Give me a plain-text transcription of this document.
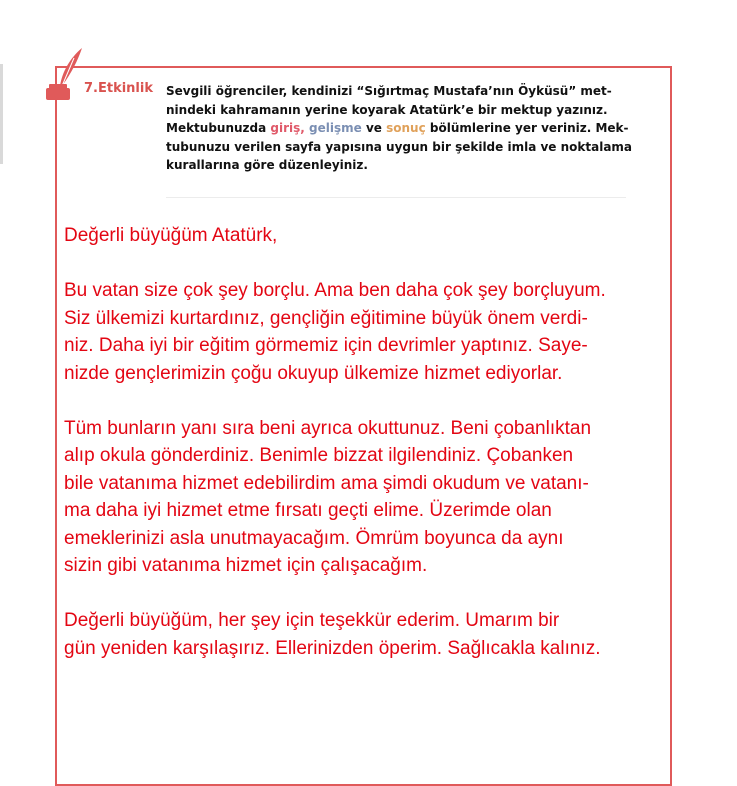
7.Etkinlik	Sevgili öğrenciler, kendinizi “Sığırtmaç Mustafa’nın Öyküsü” met-
nindeki kahramanın yerine koyarak Atatürk’e bir mektup yazınız.
Mektubunuzda giriş, gelişme ve sonuç bölümlerine yer veriniz. Mek-
tubunuzu verilen sayfa yapısına uygun bir şekilde imla ve noktalama
kurallarına göre düzenleyiniz.
Değerli büyüğüm Atatürk,
Bu vatan size çok şey borçlu. Ama ben daha çok şey borçluyum.
Siz ülkemizi kurtardınız, gençliğin eğitimine büyük önem verdi-
niz. Daha iyi bir eğitim görmemiz için devrimler yaptınız. Saye-
nizde gençlerimizin çoğu okuyup ülkemize hizmet ediyorlar.
Tüm bunların yanı sıra beni ayrıca okuttunuz. Beni çobanlıktan
alıp okula gönderdiniz. Benimle bizzat ilgilendiniz. Çobanken
bile vatanıma hizmet edebilirdim ama şimdi okudum ve vatanı-
ma daha iyi hizmet etme fırsatı geçti elime. Üzerimde olan
emeklerinizi asla unutmayacağım. Ömrüm boyunca da aynı
sizin gibi vatanıma hizmet için çalışacağım.
Değerli büyüğüm, her şey için teşekkür ederim. Umarım bir
gün yeniden karşılaşırız. Ellerinizden öperim. Sağlıcakla kalınız.
